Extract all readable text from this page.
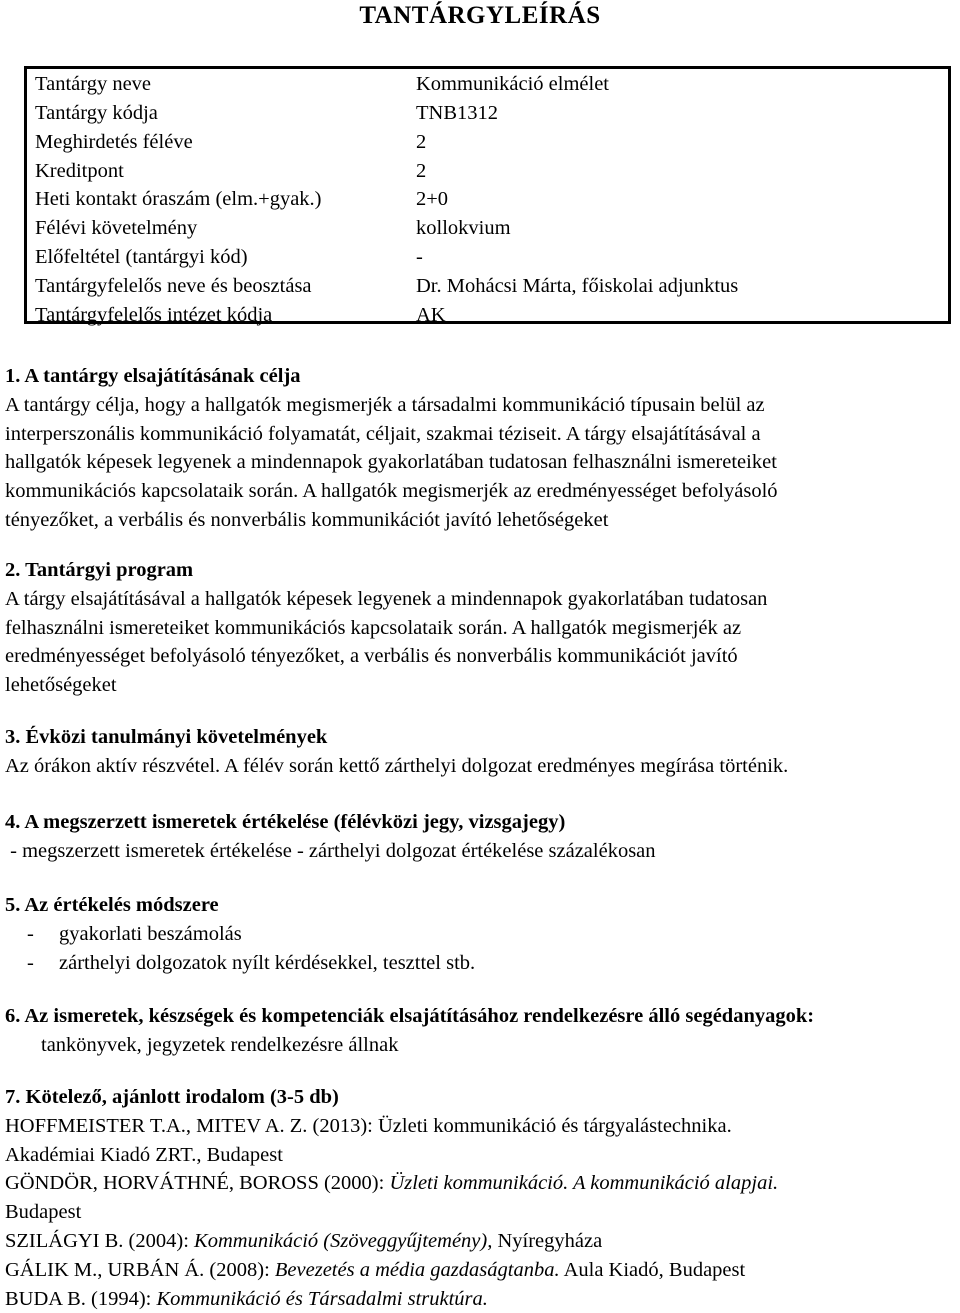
TANTÁRGYLEÍRÁS
Tantárgy neve	Kommunikáció elmélet
Tantárgy kódja	TNB1312
Meghirdetés féléve	2
Kreditpont	2
Heti kontakt óraszám (elm.+gyak.)	2+0
Félévi követelmény	kollokvium
Előfeltétel (tantárgyi kód)	-
Tantárgyfelelős neve és beosztása	Dr. Mohácsi Márta, főiskolai adjunktus
Tantárgyfelelős intézet kódja	AK
1. A tantárgy elsajátításának célja
A tantárgy célja, hogy a hallgatók megismerjék a társadalmi kommunikáció típusain belül az
interperszonális kommunikáció folyamatát, céljait, szakmai téziseit. A tárgy elsajátításával a
hallgatók képesek legyenek a mindennapok gyakorlatában tudatosan felhasználni ismereteiket
kommunikációs kapcsolataik során. A hallgatók megismerjék az eredményességet befolyásoló
tényezőket, a verbális és nonverbális kommunikációt javító lehetőségeket
2. Tantárgyi program
A tárgy elsajátításával a hallgatók képesek legyenek a mindennapok gyakorlatában tudatosan
felhasználni ismereteiket kommunikációs kapcsolataik során. A hallgatók megismerjék az
eredményességet befolyásoló tényezőket, a verbális és nonverbális kommunikációt javító
lehetőségeket
3. Évközi tanulmányi követelmények
Az órákon aktív részvétel. A félév során kettő zárthelyi dolgozat eredményes megírása történik.
4. A megszerzett ismeretek értékelése (félévközi jegy, vizsgajegy)
- megszerzett ismeretek értékelése - zárthelyi dolgozat értékelése százalékosan
5. Az értékelés módszere
- gyakorlati beszámolás
- zárthelyi dolgozatok nyílt kérdésekkel, teszttel stb.
6. Az ismeretek, készségek és kompetenciák elsajátításához rendelkezésre álló segédanyagok:
tankönyvek, jegyzetek rendelkezésre állnak
7. Kötelező, ajánlott irodalom (3-5 db)
HOFFMEISTER T.A., MITEV A. Z. (2013): Üzleti kommunikáció és tárgyalástechnika.
Akadémiai Kiadó ZRT., Budapest
GÖNDÖR, HORVÁTHNÉ, BOROSS (2000): Üzleti kommunikáció. A kommunikáció alapjai.
Budapest
SZILÁGYI B. (2004): Kommunikáció (Szöveggyűjtemény), Nyíregyháza
GÁLIK M., URBÁN Á. (2008): Bevezetés a média gazdaságtanba. Aula Kiadó, Budapest
BUDA B. (1994): Kommunikáció és Társadalmi struktúra.
